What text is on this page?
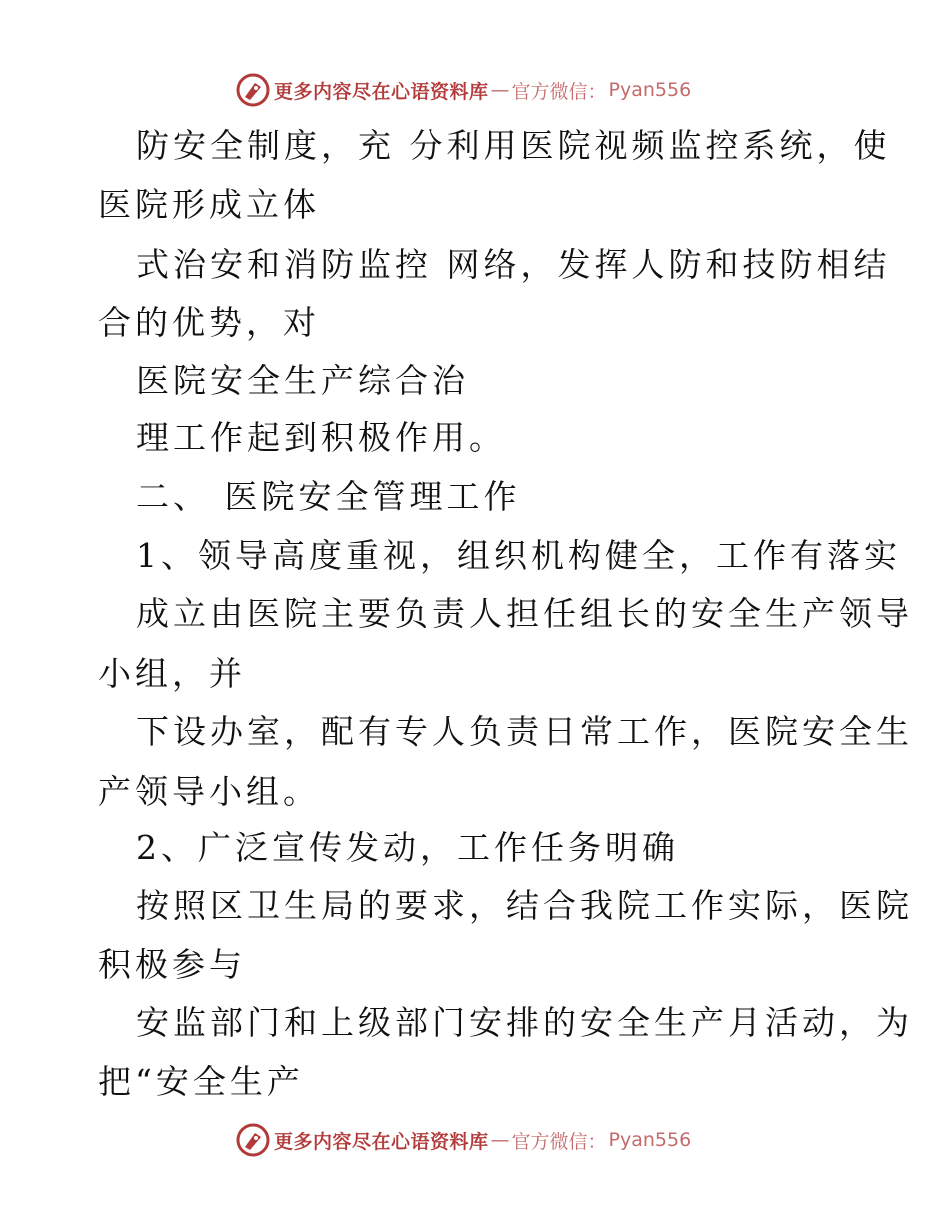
更多内容尽在心语资料库 — 官方微信： Pyan556
防安全制度，充 分利用医院视频监控系统，使
医院形成立体
式治安和消防监控 网络，发挥人防和技防相结
合的优势，对
医院安全生产综合治
理工作起到积极作用。
二、 医院安全管理工作
1、领导高度重视，组织机构健全，工作有落实
成立由医院主要负责人担任组长的安全生产领导
小组，并
下设办室，配有专人负责日常工作，医院安全生
产领导小组。
2、广泛宣传发动，工作任务明确
按照区卫生局的要求，结合我院工作实际，医院
积极参与
安监部门和上级部门安排的安全生产月活动，为
把“安全生产
更多内容尽在心语资料库 — 官方微信： Pyan556
